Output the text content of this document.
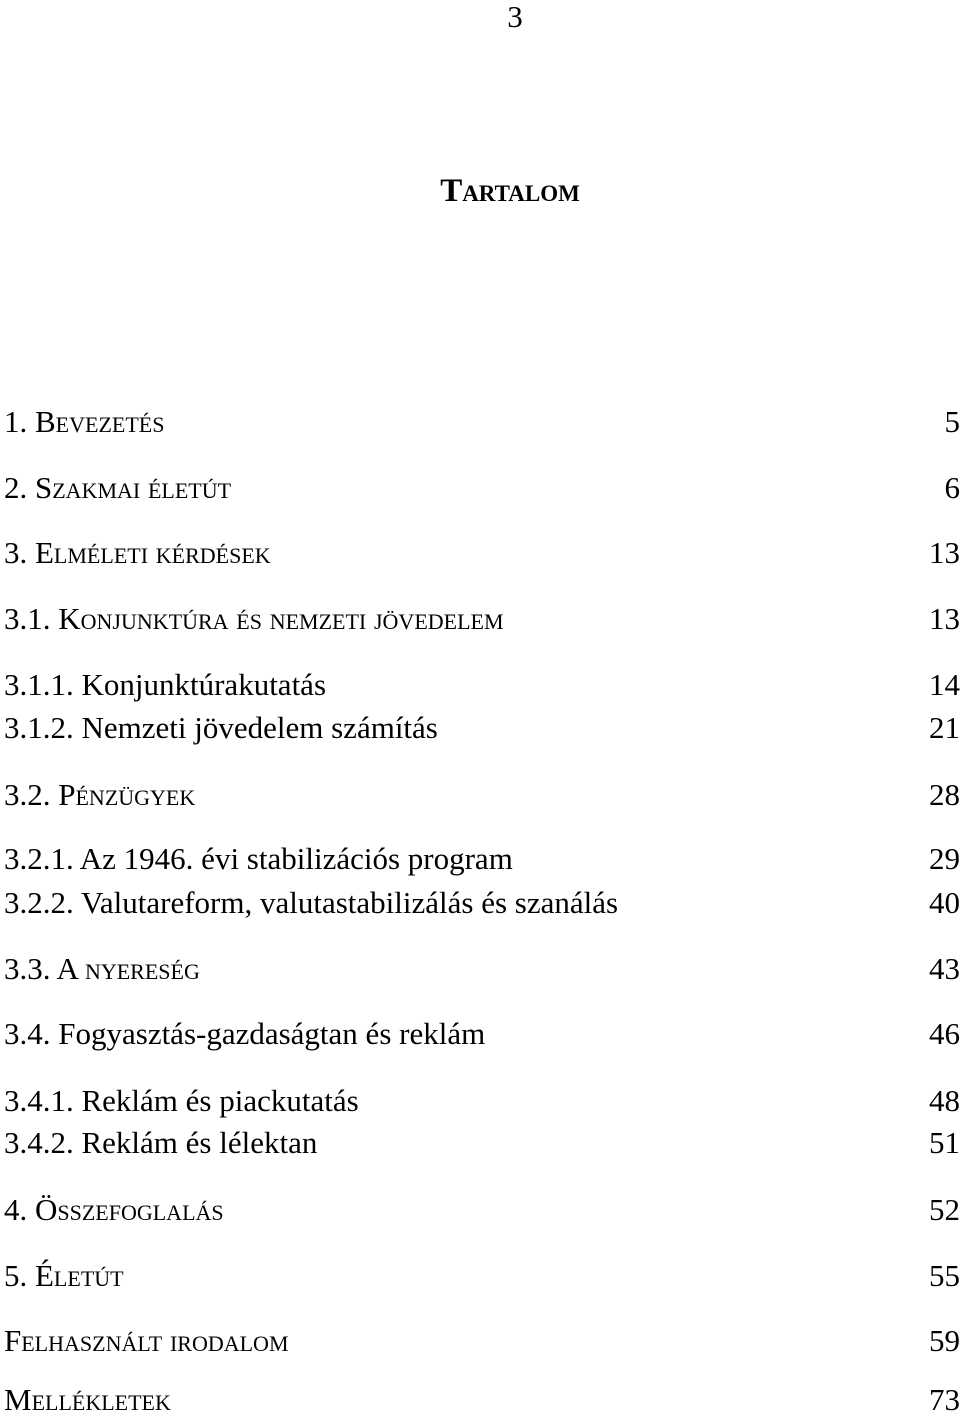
3
Tartalom
1. Bevezetés	5
2. Szakmai életút	6
3. Elméleti kérdések	13
3.1. Konjunktúra és nemzeti jövedelem	13
3.1.1. Konjunktúrakutatás	14
3.1.2. Nemzeti jövedelem számítás	21
3.2. Pénzügyek	28
3.2.1. Az 1946. évi stabilizációs program	29
3.2.2. Valutareform, valutastabilizálás és szanálás	40
3.3. A nyereség	43
3.4. Fogyasztás-gazdaságtan és reklám	46
3.4.1. Reklám és piackutatás	48
3.4.2. Reklám és lélektan	51
4. Összefoglalás	52
5. Életút	55
Felhasznált irodalom	59
Mellékletek	73
